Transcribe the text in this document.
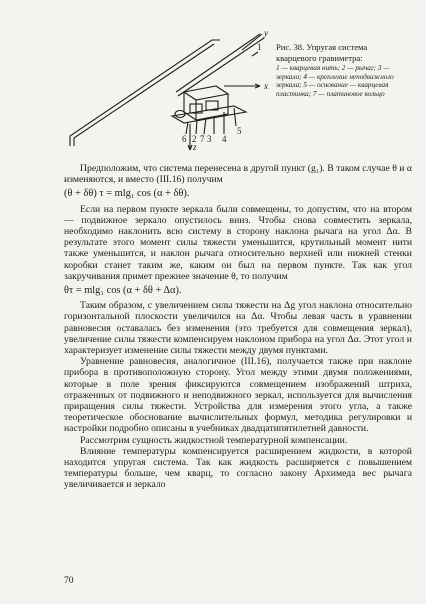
y
x
z
1
2 3 4
5
6 7
Рис. 38. Упругая система кварцевого гравиметра:
1 — кварцевая нить; 2 — рычаг; 3 — зеркало; 4 — крепление неподвижного зеркала; 5 — основание — кварцевая пластинка; 7 — платиновое кольцо

Предположим, что система перенесена в другой пункт (g₁). В таком случае θ и α изменяются, и вместо (III.16) получим

(θ + δθ) τ = mlg₁ cos (α + δθ).

Если на первом пункте зеркала были совмещены, то допустим, что на втором — подвижное зеркало опустилось вниз. Чтобы снова совместить зеркала, необходимо наклонить всю систему в сторону наклона рычага на угол Δα. В результате этого момент силы тяжести уменьшится, крутильный момент нити также уменьшится, и наклон рычага относительно верхней или нижней стенки коробки станет таким же, каким он был на первом пункте. Так как угол закручивания примет прежнее значение θ, то получим

θτ = mlg₁ cos (α + δθ + Δα).

Таким образом, с увеличением силы тяжести на Δg угол наклона относительно горизонтальной плоскости увеличился на Δα. Чтобы левая часть в уравнении равновесия оставалась без изменения (это требуется для совмещения зеркал), увеличение силы тяжести компенсируем наклоном прибора на угол Δα. Этот угол и характеризует изменение силы тяжести между двумя пунктами.

Уравнение равновесия, аналогичное (III.16), получается также при наклоне прибора в противоположную сторону. Угол между этими двумя положениями, которые в поле зрения фиксируются совмещением изображений штриха, отраженных от подвижного и неподвижного зеркал, используется для вычисления приращения силы тяжести. Устройства для измерения этого угла, а также теоретическое обоснование вычислительных формул, методика регулировки и настройки подробно описаны в учебниках двадцатипятилетней давности.

Рассмотрим сущность жидкостной температурной компенсации.

Влияние температуры компенсируется расширением жидкости, в которой находится упругая система. Так как жидкость расширяется с повышением температуры больше, чем кварц, то согласно закону Архимеда вес рычага увеличивается и зеркало

70
